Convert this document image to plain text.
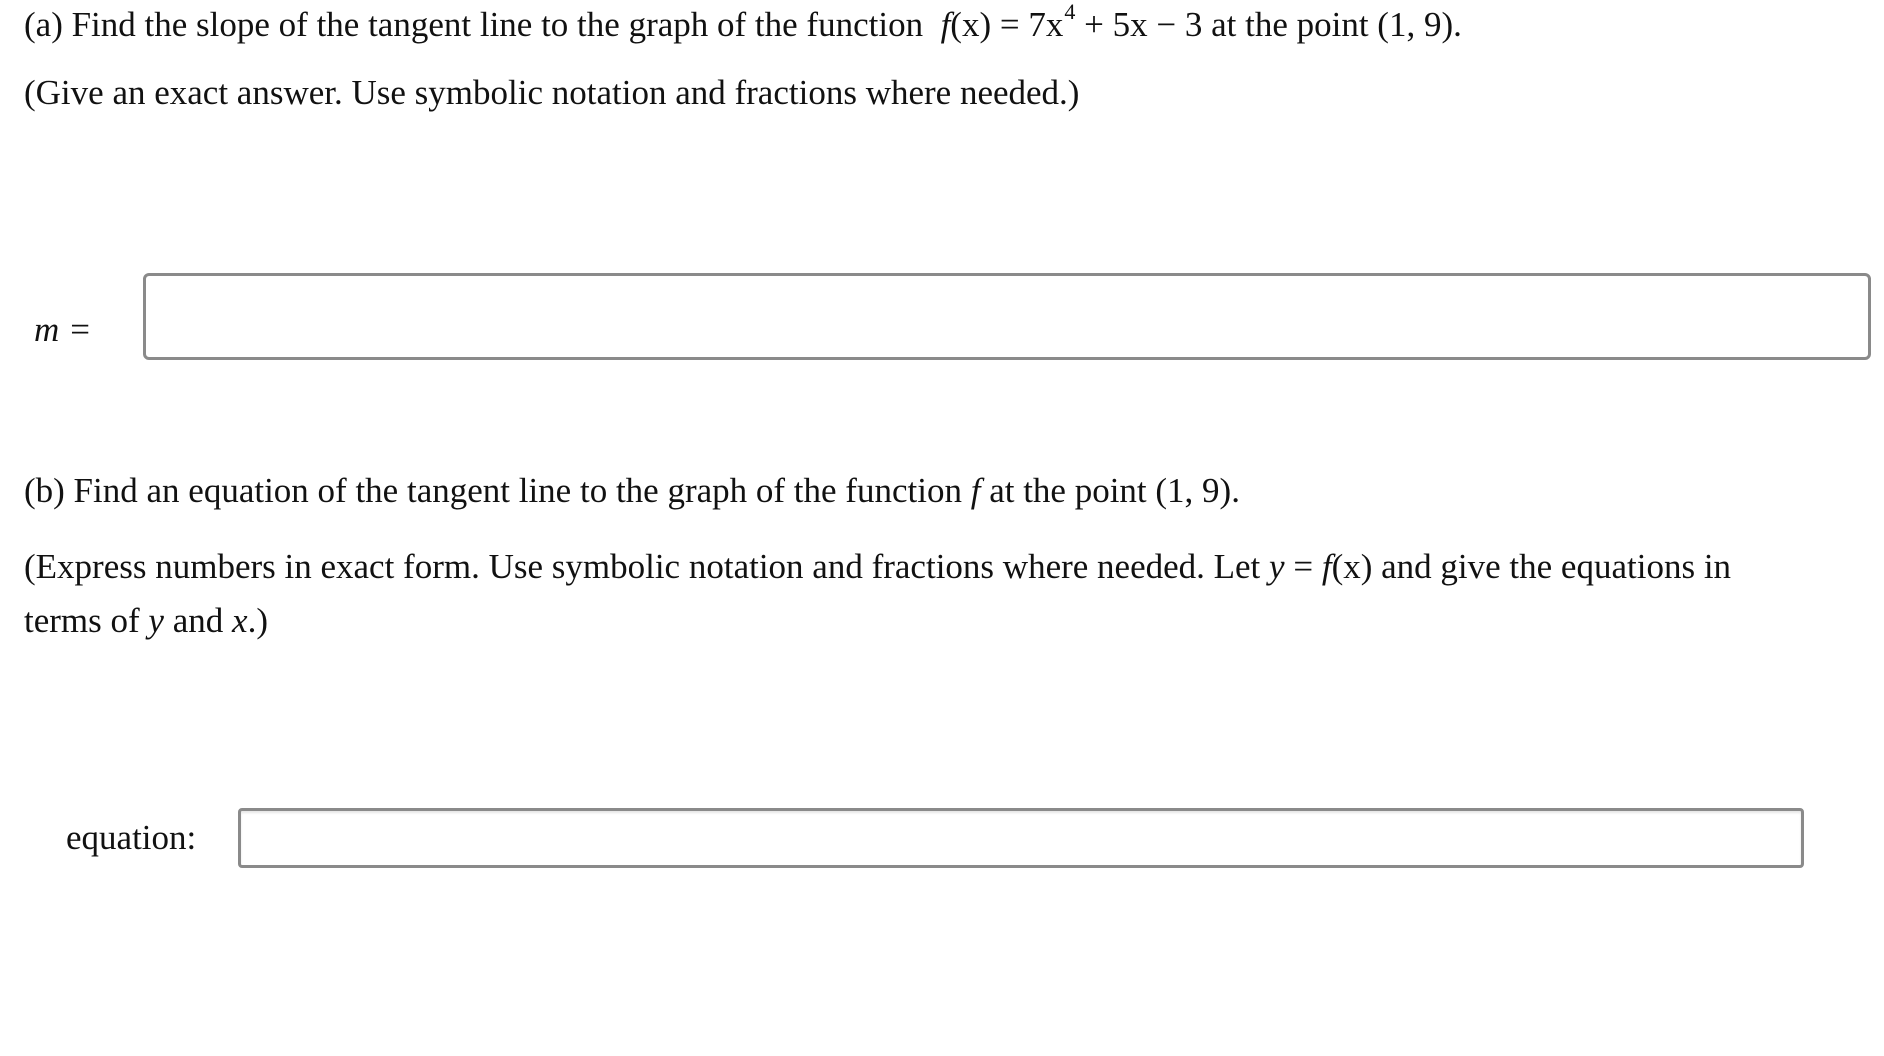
(a) Find the slope of the tangent line to the graph of the function $f(x) = 7x^4 + 5x - 3$ at the point (1, 9).
(Give an exact answer. Use symbolic notation and fractions where needed.)
m =
(b) Find an equation of the tangent line to the graph of the function f at the point (1, 9).
(Express numbers in exact form. Use symbolic notation and fractions where needed. Let y = f(x) and give the equations in
terms of y and x.)
equation:
